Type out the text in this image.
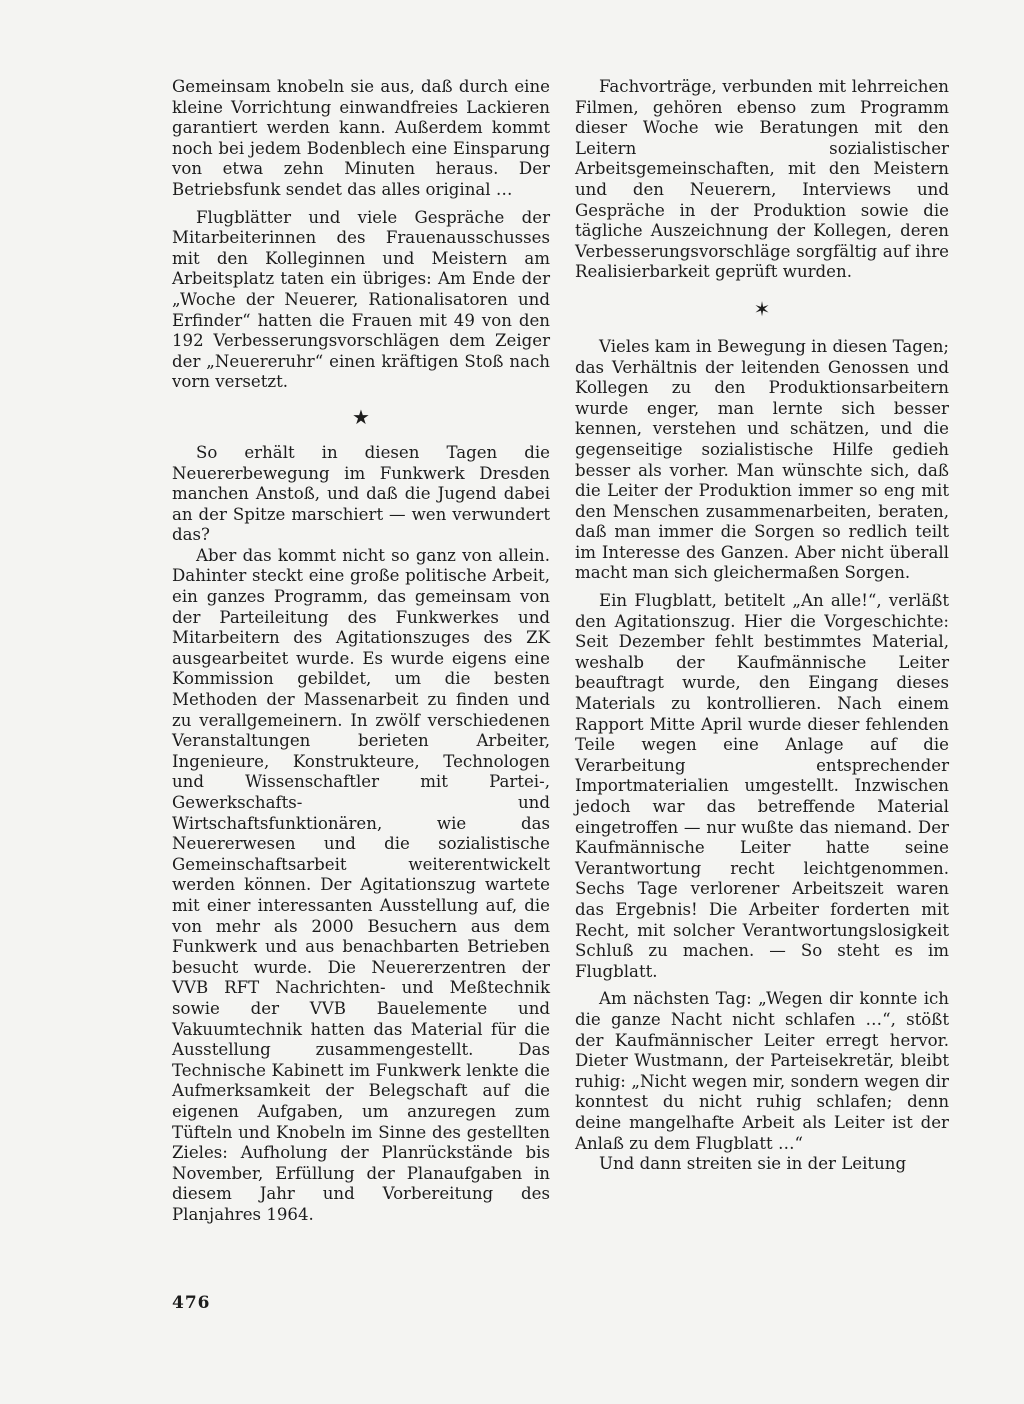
Gemeinsam knobeln sie aus, daß durch eine kleine Vorrichtung einwandfreies Lackieren garantiert werden kann. Außerdem kommt noch bei jedem Bodenblech eine Einsparung von etwa zehn Minuten heraus. Der Betriebsfunk sendet das alles original …

Flugblätter und viele Gespräche der Mitarbeiterinnen des Frauenausschusses mit den Kolleginnen und Meistern am Arbeitsplatz taten ein übriges: Am Ende der „Woche der Neuerer, Rationalisatoren und Erfinder“ hatten die Frauen mit 49 von den 192 Verbesserungsvorschlägen dem Zeiger der „Neuereruhr“ einen kräftigen Stoß nach vorn versetzt.

★

So erhält in diesen Tagen die Neuererbewegung im Funkwerk Dresden manchen Anstoß, und daß die Jugend dabei an der Spitze marschiert — wen verwundert das?

Aber das kommt nicht so ganz von allein. Dahinter steckt eine große politische Arbeit, ein ganzes Programm, das gemeinsam von der Parteileitung des Funkwerkes und Mitarbeitern des Agitationszuges des ZK ausgearbeitet wurde. Es wurde eigens eine Kommission gebildet, um die besten Methoden der Massenarbeit zu finden und zu verallgemeinern. In zwölf verschiedenen Veranstaltungen berieten Arbeiter, Ingenieure, Konstrukteure, Technologen und Wissenschaftler mit Partei-, Gewerkschafts- und Wirtschaftsfunktionären, wie das Neuererwesen und die sozialistische Gemeinschaftsarbeit weiterentwickelt werden können. Der Agitationszug wartete mit einer interessanten Ausstellung auf, die von mehr als 2000 Besuchern aus dem Funkwerk und aus benachbarten Betrieben besucht wurde. Die Neuererzentren der VVB RFT Nachrichten- und Meßtechnik sowie der VVB Bauelemente und Vakuumtechnik hatten das Material für die Ausstellung zusammengestellt. Das Technische Kabinett im Funkwerk lenkte die Aufmerksamkeit der Belegschaft auf die eigenen Aufgaben, um anzuregen zum Tüfteln und Knobeln im Sinne des gestellten Zieles: Aufholung der Planrückstände bis November, Erfüllung der Planaufgaben in diesem Jahr und Vorbereitung des Planjahres 1964.

Fachvorträge, verbunden mit lehrreichen Filmen, gehören ebenso zum Programm dieser Woche wie Beratungen mit den Leitern sozialistischer Arbeitsgemeinschaften, mit den Meistern und den Neuerern, Interviews und Gespräche in der Produktion sowie die tägliche Auszeichnung der Kollegen, deren Verbesserungsvorschläge sorgfältig auf ihre Realisierbarkeit geprüft wurden.

✶

Vieles kam in Bewegung in diesen Tagen; das Verhältnis der leitenden Genossen und Kollegen zu den Produktionsarbeitern wurde enger, man lernte sich besser kennen, verstehen und schätzen, und die gegenseitige sozialistische Hilfe gedieh besser als vorher. Man wünschte sich, daß die Leiter der Produktion immer so eng mit den Menschen zusammenarbeiten, beraten, daß man immer die Sorgen so redlich teilt im Interesse des Ganzen. Aber nicht überall macht man sich gleichermaßen Sorgen.

Ein Flugblatt, betitelt „An alle!“, verläßt den Agitationszug. Hier die Vorgeschichte: Seit Dezember fehlt bestimmtes Material, weshalb der Kaufmännische Leiter beauftragt wurde, den Eingang dieses Materials zu kontrollieren. Nach einem Rapport Mitte April wurde dieser fehlenden Teile wegen eine Anlage auf die Verarbeitung entsprechender Importmaterialien umgestellt. Inzwischen jedoch war das betreffende Material eingetroffen — nur wußte das niemand. Der Kaufmännische Leiter hatte seine Verantwortung recht leichtgenommen. Sechs Tage verlorener Arbeitszeit waren das Ergebnis! Die Arbeiter forderten mit Recht, mit solcher Verantwortungslosigkeit Schluß zu machen. — So steht es im Flugblatt.

Am nächsten Tag: „Wegen dir konnte ich die ganze Nacht nicht schlafen …“, stößt der Kaufmännischer Leiter erregt hervor. Dieter Wustmann, der Parteisekretär, bleibt ruhig: „Nicht wegen mir, sondern wegen dir konntest du nicht ruhig schlafen; denn deine mangelhafte Arbeit als Leiter ist der Anlaß zu dem Flugblatt …“

Und dann streiten sie in der Leitung

476
